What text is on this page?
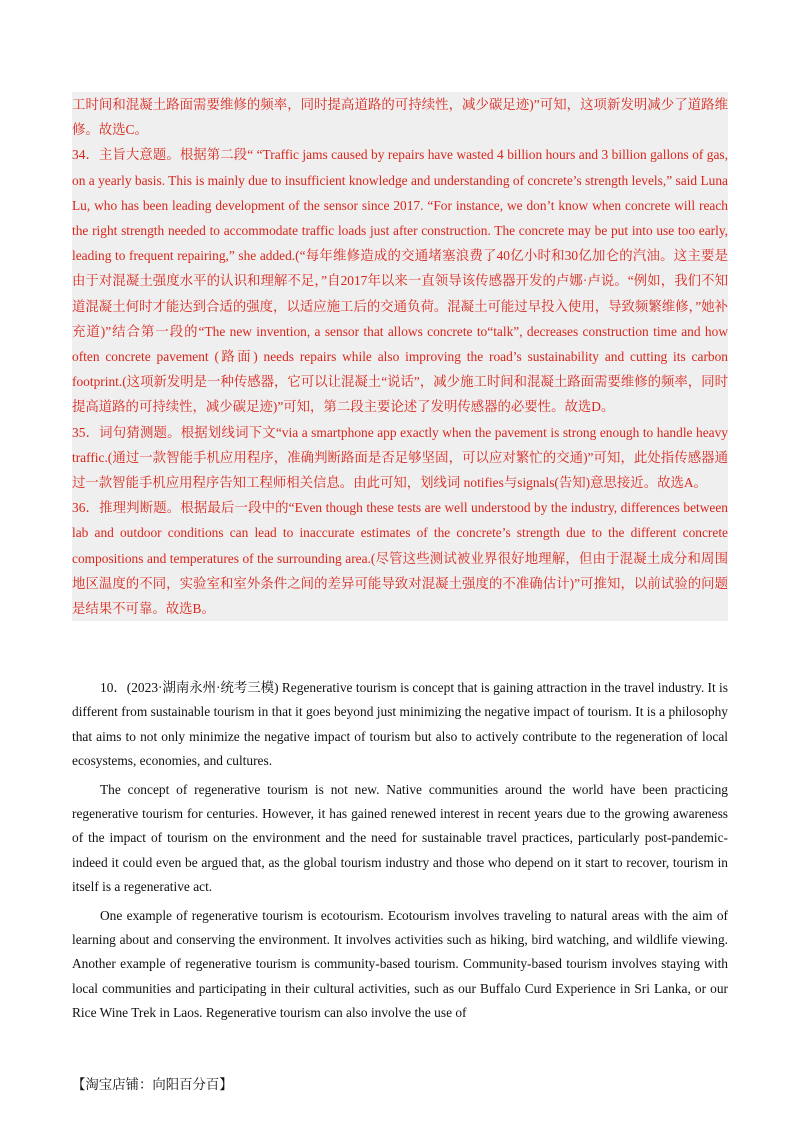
工时间和混凝土路面需要维修的频率，同时提高道路的可持续性，减少碳足迹)”可知，这项新发明减少了道路维修。故选C。

34．主旨大意题。根据第二段“ “Traffic jams caused by repairs have wasted 4 billion hours and 3 billion gallons of gas, on a yearly basis. This is mainly due to insufficient knowledge and understanding of concrete’s strength levels,” said Luna Lu, who has been leading development of the sensor since 2017. “For instance, we don’t know when concrete will reach the right strength needed to accommodate traffic loads just after construction. The concrete may be put into use too early, leading to frequent repairing,” she added.(“每年维修造成的交通堵塞浪费了40亿小时和30亿加仑的汽油。这主要是由于对混凝土强度水平的认识和理解不足，”自2017年以来一直领导该传感器开发的卢娜·卢说。“例如，我们不知道混凝土何时才能达到合适的强度，以适应施工后的交通负荷。混凝土可能过早投入使用，导致频繁维修，”她补充道)”结合第一段的“The new invention, a sensor that allows concrete to“talk”, decreases construction time and how often concrete pavement (路面) needs repairs while also improving the road’s sustainability and cutting its carbon footprint.(这项新发明是一种传感器，它可以让混凝土“说话”，减少施工时间和混凝土路面需要维修的频率，同时提高道路的可持续性，减少碳足迹)”可知，第二段主要论述了发明传感器的必要性。故选D。

35．词句猜测题。根据划线词下文“via a smartphone app exactly when the pavement is strong enough to handle heavy traffic.(通过一款智能手机应用程序，准确判断路面是否足够坚固，可以应对繁忙的交通)”可知，此处指传感器通过一款智能手机应用程序告知工程师相关信息。由此可知，划线词 notifies与signals(告知)意思接近。故选A。

36．推理判断题。根据最后一段中的“Even though these tests are well understood by the industry, differences between lab and outdoor conditions can lead to inaccurate estimates of the concrete’s strength due to the different concrete compositions and temperatures of the surrounding area.(尽管这些测试被业界很好地理解，但由于混凝土成分和周围地区温度的不同，实验室和室外条件之间的差异可能导致对混凝土强度的不准确估计)”可推知，以前试验的问题是结果不可靠。故选B。

10．(2023·湖南永州·统考三模) Regenerative tourism is concept that is gaining attraction in the travel industry. It is different from sustainable tourism in that it goes beyond just minimizing the negative impact of tourism. It is a philosophy that aims to not only minimize the negative impact of tourism but also to actively contribute to the regeneration of local ecosystems, economies, and cultures.

The concept of regenerative tourism is not new. Native communities around the world have been practicing regenerative tourism for centuries. However, it has gained renewed interest in recent years due to the growing awareness of the impact of tourism on the environment and the need for sustainable travel practices, particularly post-pandemic-indeed it could even be argued that, as the global tourism industry and those who depend on it start to recover, tourism in itself is a regenerative act.

One example of regenerative tourism is ecotourism. Ecotourism involves traveling to natural areas with the aim of learning about and conserving the environment. It involves activities such as hiking, bird watching, and wildlife viewing. Another example of regenerative tourism is community-based tourism. Community-based tourism involves staying with local communities and participating in their cultural activities, such as our Buffalo Curd Experience in Sri Lanka, or our Rice Wine Trek in Laos. Regenerative tourism can also involve the use of

【淘宝店铺：向阳百分百】
